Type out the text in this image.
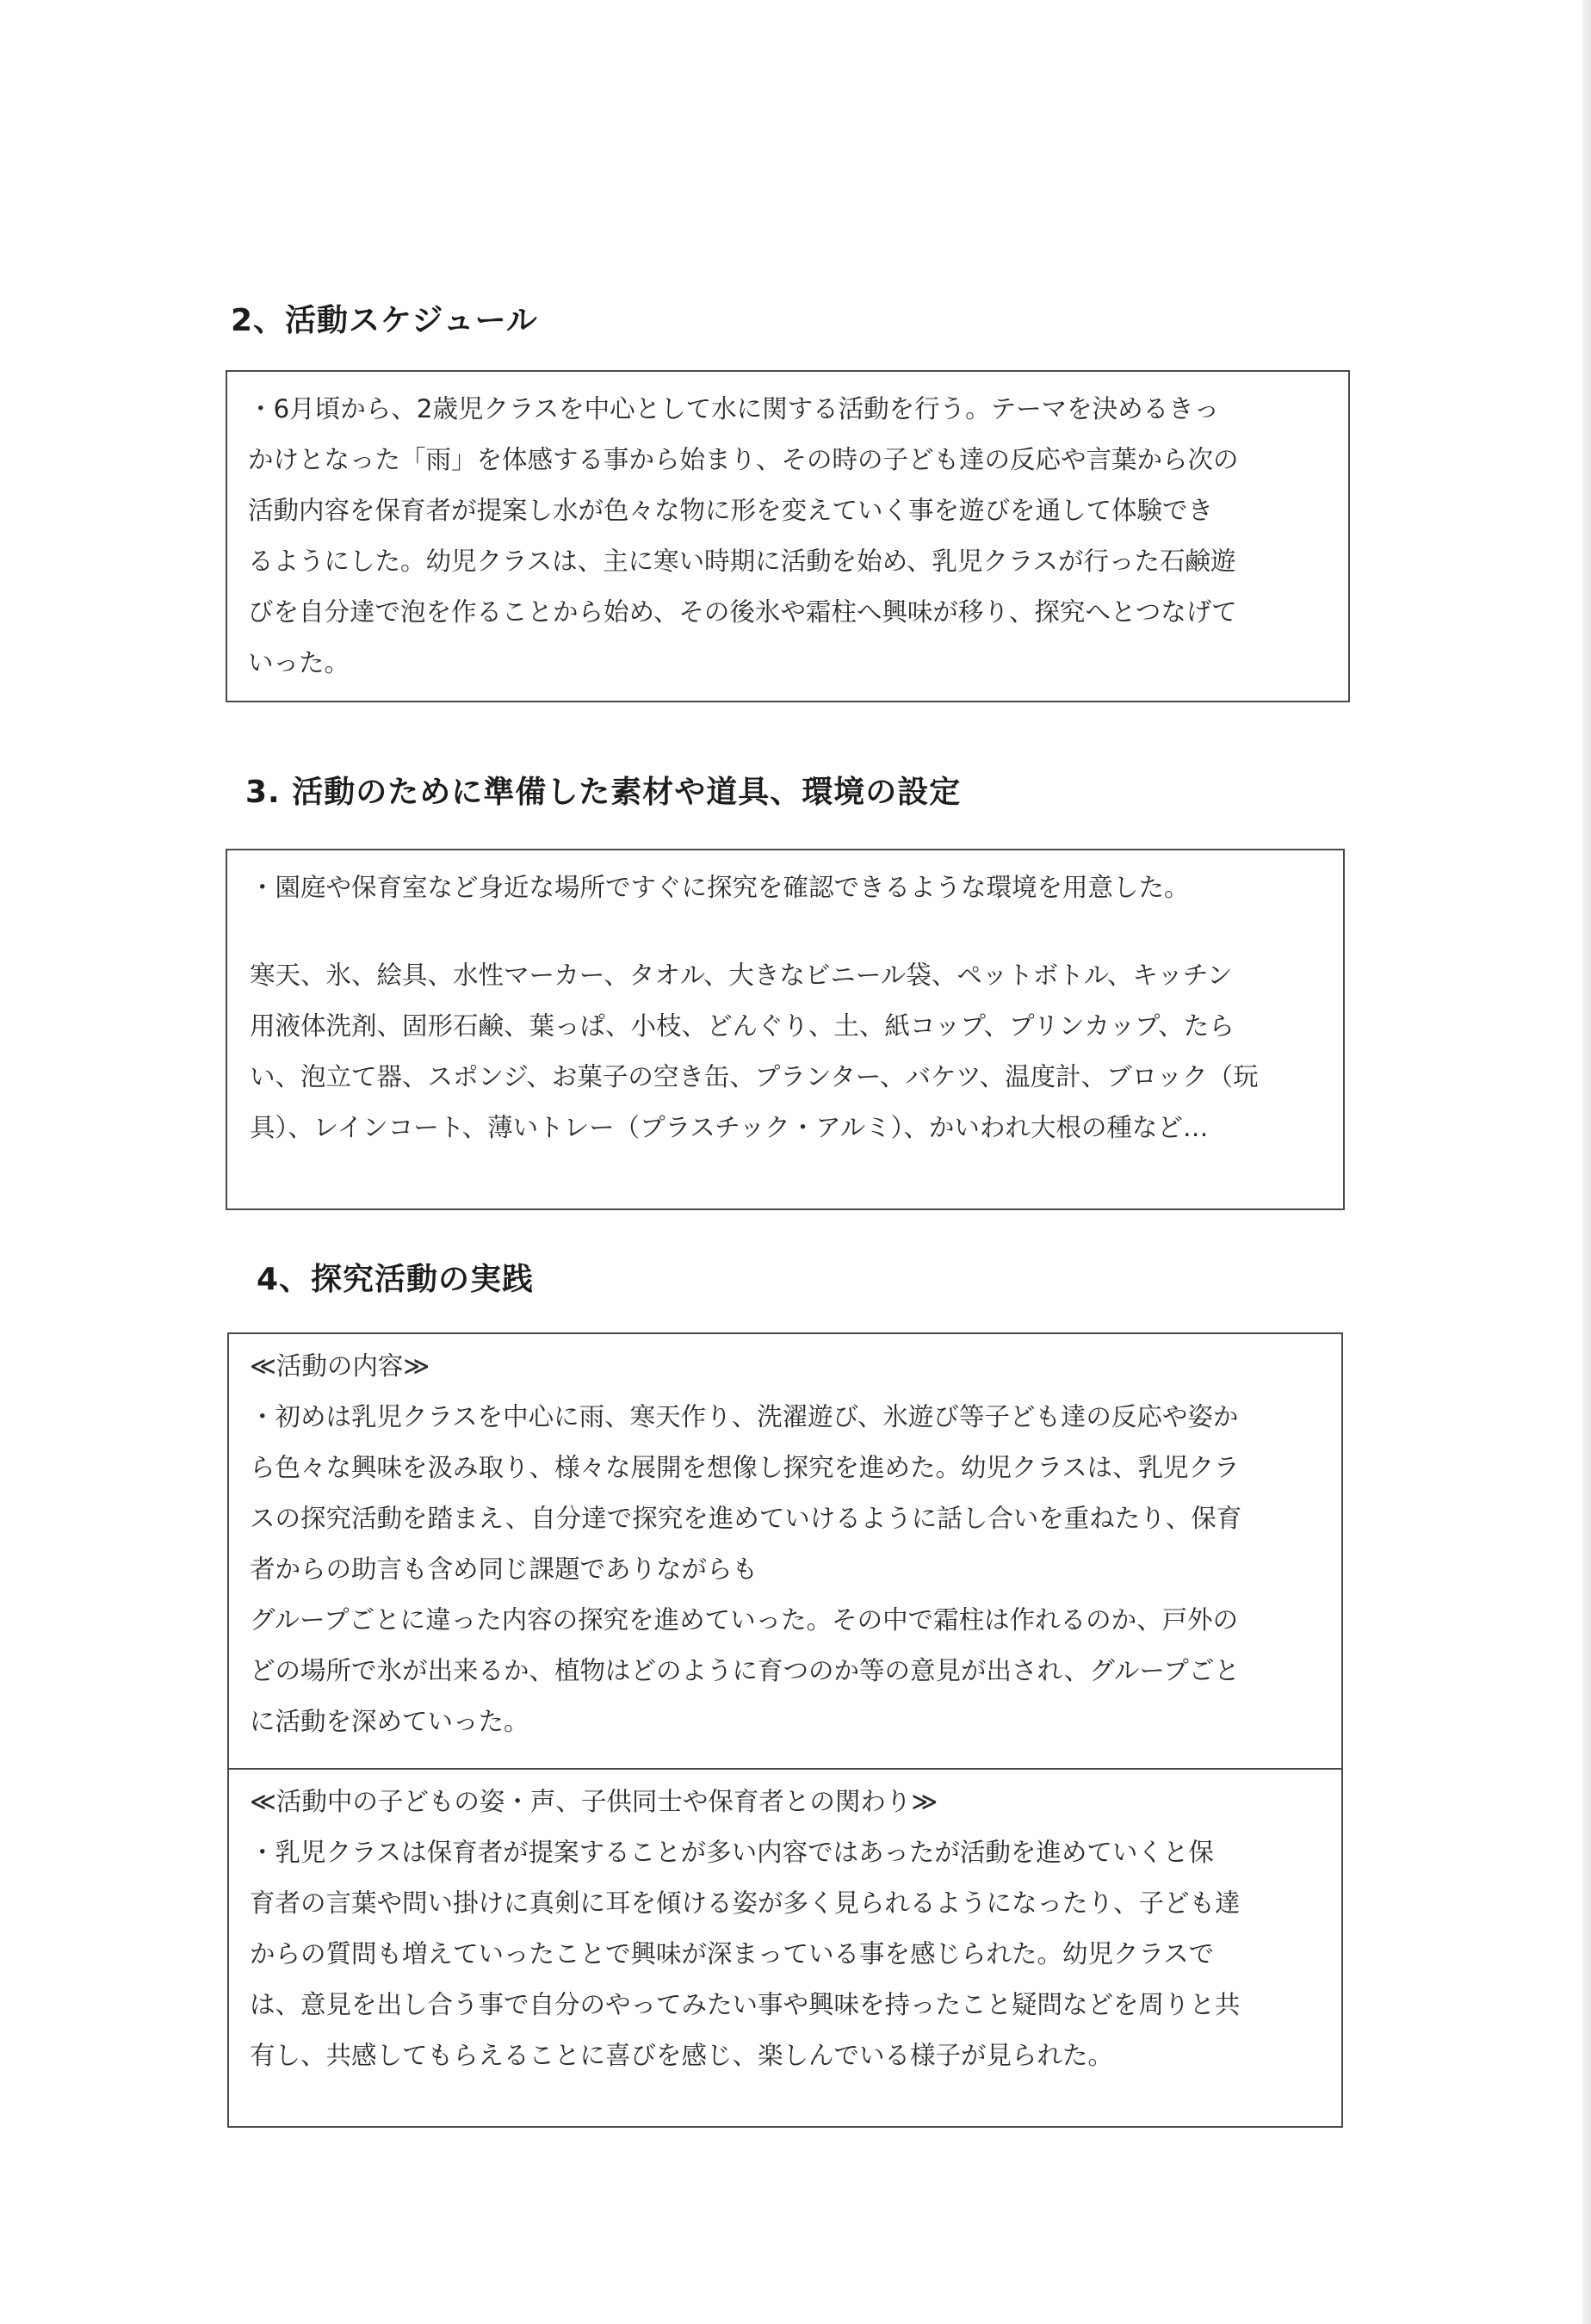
2、活動スケジュール

・6月頃から、2歳児クラスを中心として水に関する活動を行う。テーマを決めるきっ

かけとなった「雨」を体感する事から始まり、その時の子ども達の反応や言葉から次の

活動内容を保育者が提案し水が色々な物に形を変えていく事を遊びを通して体験でき

るようにした。幼児クラスは、主に寒い時期に活動を始め、乳児クラスが行った石鹸遊

びを自分達で泡を作ることから始め、その後氷や霜柱へ興味が移り、探究へとつなげて

いった。

3. 活動のために準備した素材や道具、環境の設定

・園庭や保育室など身近な場所ですぐに探究を確認できるような環境を用意した。

寒天、氷、絵具、水性マーカー、タオル、大きなビニール袋、ペットボトル、キッチン

用液体洗剤、固形石鹸、葉っぱ、小枝、どんぐり、土、紙コップ、プリンカップ、たら

い、泡立て器、スポンジ、お菓子の空き缶、プランター、バケツ、温度計、ブロック（玩

具）、レインコート、薄いトレー（プラスチック・アルミ）、かいわれ大根の種など…

4、探究活動の実践

≪活動の内容≫

・初めは乳児クラスを中心に雨、寒天作り、洗濯遊び、氷遊び等子ども達の反応や姿か

ら色々な興味を汲み取り、様々な展開を想像し探究を進めた。幼児クラスは、乳児クラ

スの探究活動を踏まえ、自分達で探究を進めていけるように話し合いを重ねたり、保育

者からの助言も含め同じ課題でありながらも

グループごとに違った内容の探究を進めていった。その中で霜柱は作れるのか、戸外の

どの場所で氷が出来るか、植物はどのように育つのか等の意見が出され、グループごと

に活動を深めていった。

≪活動中の子どもの姿・声、子供同士や保育者との関わり≫

・乳児クラスは保育者が提案することが多い内容ではあったが活動を進めていくと保

育者の言葉や問い掛けに真剣に耳を傾ける姿が多く見られるようになったり、子ども達

からの質問も増えていったことで興味が深まっている事を感じられた。幼児クラスで

は、意見を出し合う事で自分のやってみたい事や興味を持ったこと疑問などを周りと共

有し、共感してもらえることに喜びを感じ、楽しんでいる様子が見られた。
